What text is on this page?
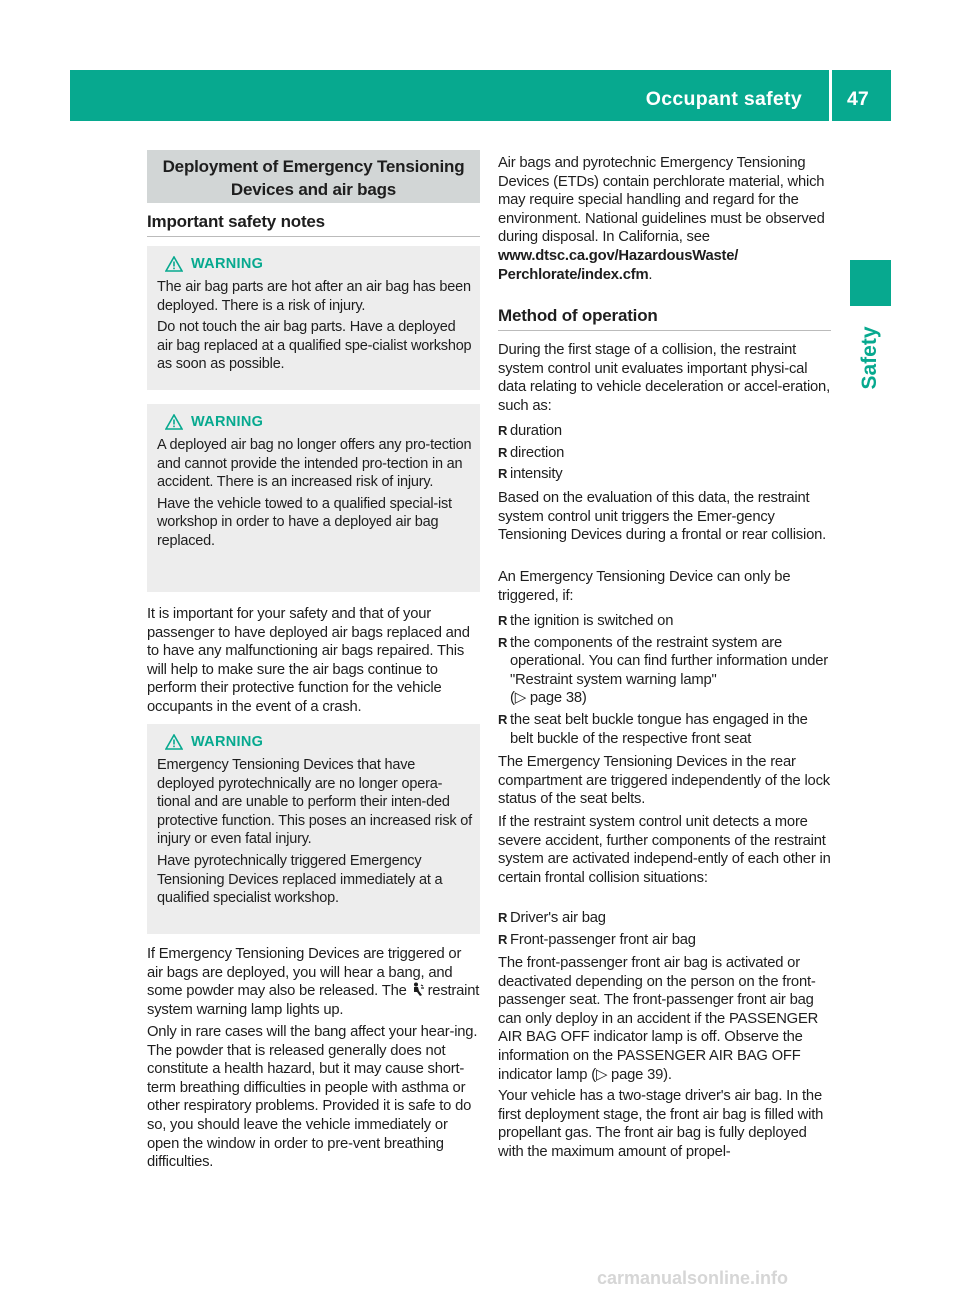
Occupant safety 47
Safety
Deployment of Emergency Tensioning
Devices and air bags
Important safety notes
WARNING

The air bag parts are hot after an air bag has been deployed. There is a risk of injury.

Do not touch the air bag parts. Have a deployed air bag replaced at a qualified spe-cialist workshop as soon as possible.

WARNING

A deployed air bag no longer offers any pro-tection and cannot provide the intended pro-tection in an accident. There is an increased risk of injury.

Have the vehicle towed to a qualified special-ist workshop in order to have a deployed air bag replaced.

It is important for your safety and that of your passenger to have deployed air bags replaced and to have any malfunctioning air bags repaired. This will help to make sure the air bags continue to perform their protective function for the vehicle occupants in the event of a crash.
WARNING

Emergency Tensioning Devices that have deployed pyrotechnically are no longer opera-tional and are unable to perform their inten-ded protective function. This poses an increased risk of injury or even fatal injury.

Have pyrotechnically triggered Emergency Tensioning Devices replaced immediately at a qualified specialist workshop.

If Emergency Tensioning Devices are triggered or air bags are deployed, you will hear a bang, and some powder may also be released. The restraint system warning lamp lights up.
Only in rare cases will the bang affect your hear-ing. The powder that is released generally does not constitute a health hazard, but it may cause short-term breathing difficulties in people with asthma or other respiratory problems. Provided it is safe to do so, you should leave the vehicle immediately or open the window in order to pre-vent breathing difficulties.
Air bags and pyrotechnic Emergency Tensioning Devices (ETDs) contain perchlorate material, which may require special handling and regard for the environment. National guidelines must be observed during disposal. In California, see www.dtsc.ca.gov/HazardousWaste/ Perchlorate/index.cfm.
Method of operation
During the first stage of a collision, the restraint system control unit evaluates important physi-cal data relating to vehicle deceleration or accel-eration, such as:
R duration
R direction
R intensity
Based on the evaluation of this data, the restraint system control unit triggers the Emer-gency Tensioning Devices during a frontal or rear collision.
An Emergency Tensioning Device can only be triggered, if:
R the ignition is switched on
R the components of the restraint system are operational. You can find further information under "Restraint system warning lamp"
(▷ page 38)
R the seat belt buckle tongue has engaged in the belt buckle of the respective front seat
The Emergency Tensioning Devices in the rear compartment are triggered independently of the lock status of the seat belts.
If the restraint system control unit detects a more severe accident, further components of the restraint system are activated independ-ently of each other in certain frontal collision situations:
R Driver's air bag
R Front-passenger front air bag
The front-passenger front air bag is activated or deactivated depending on the person on the front-passenger seat. The front-passenger front air bag can only deploy in an accident if the PASSENGER AIR BAG OFF indicator lamp is off. Observe the information on the PASSENGER AIR BAG OFF indicator lamp (▷ page 39).
Your vehicle has a two-stage driver's air bag. In the first deployment stage, the front air bag is filled with propellant gas. The front air bag is fully deployed with the maximum amount of propel-
carmanualsonline.info
